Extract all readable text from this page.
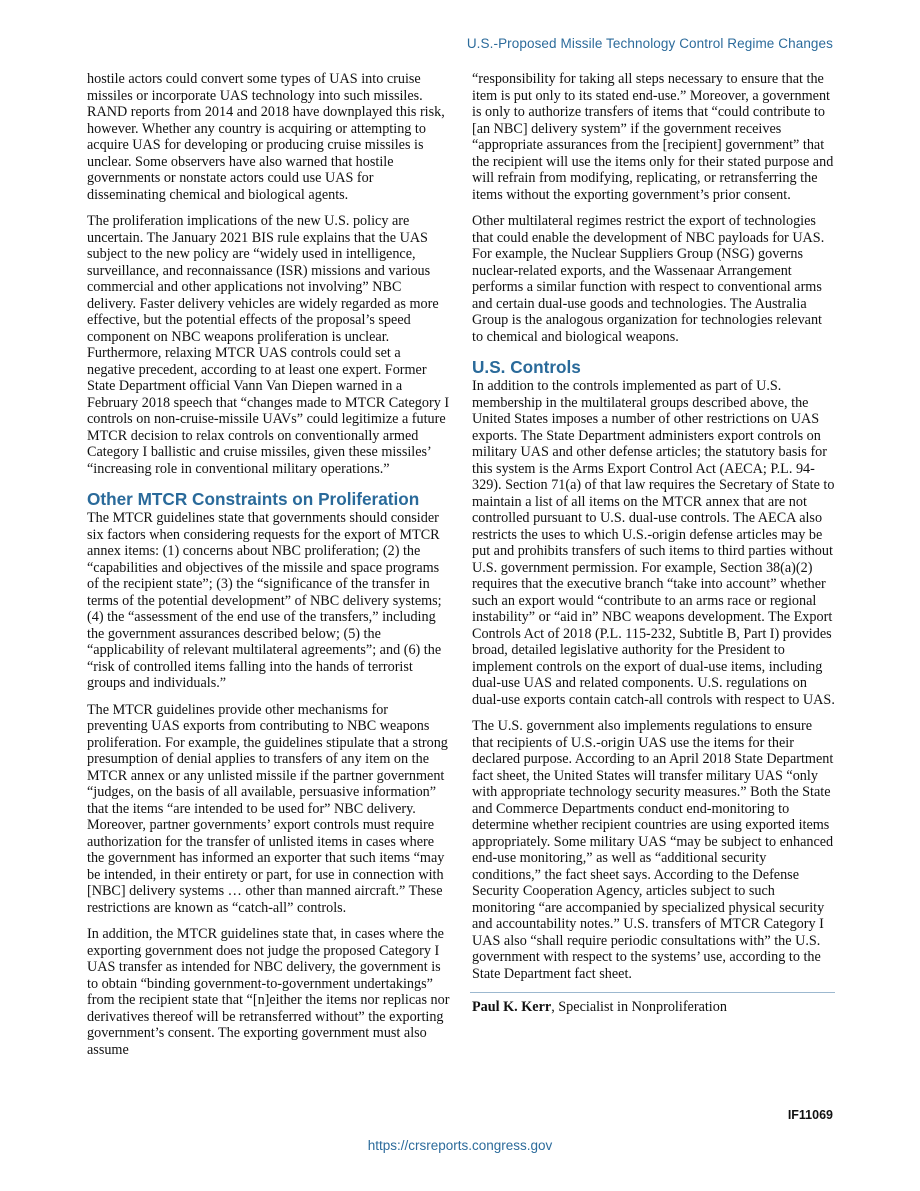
U.S.-Proposed Missile Technology Control Regime Changes

hostile actors could convert some types of UAS into cruise missiles or incorporate UAS technology into such missiles. RAND reports from 2014 and 2018 have downplayed this risk, however. Whether any country is acquiring or attempting to acquire UAS for developing or producing cruise missiles is unclear. Some observers have also warned that hostile governments or nonstate actors could use UAS for disseminating chemical and biological agents.

The proliferation implications of the new U.S. policy are uncertain. The January 2021 BIS rule explains that the UAS subject to the new policy are “widely used in intelligence, surveillance, and reconnaissance (ISR) missions and various commercial and other applications not involving” NBC delivery. Faster delivery vehicles are widely regarded as more effective, but the potential effects of the proposal’s speed component on NBC weapons proliferation is unclear. Furthermore, relaxing MTCR UAS controls could set a negative precedent, according to at least one expert. Former State Department official Vann Van Diepen warned in a February 2018 speech that “changes made to MTCR Category I controls on non-cruise-missile UAVs” could legitimize a future MTCR decision to relax controls on conventionally armed Category I ballistic and cruise missiles, given these missiles’ “increasing role in conventional military operations.”

Other MTCR Constraints on Proliferation

The MTCR guidelines state that governments should consider six factors when considering requests for the export of MTCR annex items: (1) concerns about NBC proliferation; (2) the “capabilities and objectives of the missile and space programs of the recipient state”; (3) the “significance of the transfer in terms of the potential development” of NBC delivery systems; (4) the “assessment of the end use of the transfers,” including the government assurances described below; (5) the “applicability of relevant multilateral agreements”; and (6) the “risk of controlled items falling into the hands of terrorist groups and individuals.”

The MTCR guidelines provide other mechanisms for preventing UAS exports from contributing to NBC weapons proliferation. For example, the guidelines stipulate that a strong presumption of denial applies to transfers of any item on the MTCR annex or any unlisted missile if the partner government “judges, on the basis of all available, persuasive information” that the items “are intended to be used for” NBC delivery. Moreover, partner governments’ export controls must require authorization for the transfer of unlisted items in cases where the government has informed an exporter that such items “may be intended, in their entirety or part, for use in connection with [NBC] delivery systems … other than manned aircraft.” These restrictions are known as “catch-all” controls.

In addition, the MTCR guidelines state that, in cases where the exporting government does not judge the proposed Category I UAS transfer as intended for NBC delivery, the government is to obtain “binding government-to-government undertakings” from the recipient state that “[n]either the items nor replicas nor derivatives thereof will be retransferred without” the exporting government’s consent. The exporting government must also assume

“responsibility for taking all steps necessary to ensure that the item is put only to its stated end-use.” Moreover, a government is only to authorize transfers of items that “could contribute to [an NBC] delivery system” if the government receives “appropriate assurances from the [recipient] government” that the recipient will use the items only for their stated purpose and will refrain from modifying, replicating, or retransferring the items without the exporting government’s prior consent.

Other multilateral regimes restrict the export of technologies that could enable the development of NBC payloads for UAS. For example, the Nuclear Suppliers Group (NSG) governs nuclear-related exports, and the Wassenaar Arrangement performs a similar function with respect to conventional arms and certain dual-use goods and technologies. The Australia Group is the analogous organization for technologies relevant to chemical and biological weapons.

U.S. Controls

In addition to the controls implemented as part of U.S. membership in the multilateral groups described above, the United States imposes a number of other restrictions on UAS exports. The State Department administers export controls on military UAS and other defense articles; the statutory basis for this system is the Arms Export Control Act (AECA; P.L. 94-329). Section 71(a) of that law requires the Secretary of State to maintain a list of all items on the MTCR annex that are not controlled pursuant to U.S. dual-use controls. The AECA also restricts the uses to which U.S.-origin defense articles may be put and prohibits transfers of such items to third parties without U.S. government permission. For example, Section 38(a)(2) requires that the executive branch “take into account” whether such an export would “contribute to an arms race or regional instability” or “aid in” NBC weapons development. The Export Controls Act of 2018 (P.L. 115-232, Subtitle B, Part I) provides broad, detailed legislative authority for the President to implement controls on the export of dual-use items, including dual-use UAS and related components. U.S. regulations on dual-use exports contain catch-all controls with respect to UAS.

The U.S. government also implements regulations to ensure that recipients of U.S.-origin UAS use the items for their declared purpose. According to an April 2018 State Department fact sheet, the United States will transfer military UAS “only with appropriate technology security measures.” Both the State and Commerce Departments conduct end-monitoring to determine whether recipient countries are using exported items appropriately. Some military UAS “may be subject to enhanced end-use monitoring,” as well as “additional security conditions,” the fact sheet says. According to the Defense Security Cooperation Agency, articles subject to such monitoring “are accompanied by specialized physical security and accountability notes.” U.S. transfers of MTCR Category I UAS also “shall require periodic consultations with” the U.S. government with respect to the systems’ use, according to the State Department fact sheet.

Paul K. Kerr, Specialist in Nonproliferation
IF11069
https://crsreports.congress.gov
